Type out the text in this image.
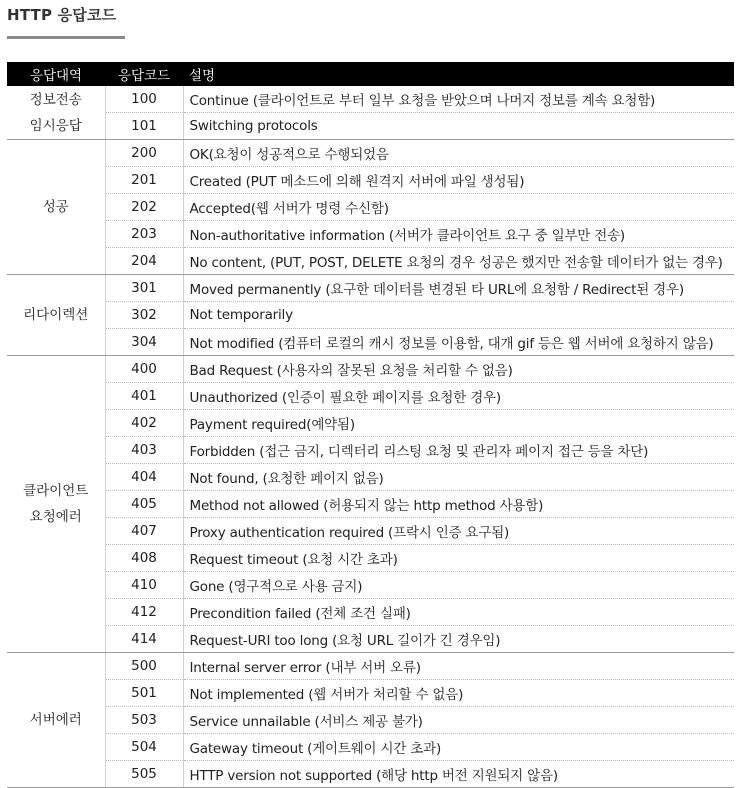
HTTP 응답코드
응답대역	응답코드	설명

정보전송
임시응답	100	Continue (클라이언트로 부터 일부 요청을 받았으며 나머지 정보를 계속 요청함)
	101	Switching protocols

성공	200	OK(요청이 성공적으로 수행되었음
	201	Created (PUT 메소드에 의해 원격지 서버에 파일 생성됨)
	202	Accepted(웹 서버가 명령 수신함)
	203	Non-authoritative information (서버가 클라이언트 요구 중 일부만 전송)
	204	No content, (PUT, POST, DELETE 요청의 경우 성공은 했지만 전송할 데이터가 없는 경우)

리다이렉션	301	Moved permanently (요구한 데이터를 변경된 타 URL에 요청함 / Redirect된 경우)
	302	Not temporarily
	304	Not modified (컴퓨터 로컬의 캐시 정보를 이용함, 대개 gif 등은 웹 서버에 요청하지 않음)

클라이언트
요청에러	400	Bad Request (사용자의 잘못된 요청을 처리할 수 없음)
	401	Unauthorized (인증이 필요한 페이지를 요청한 경우)
	402	Payment required(예약됨)
	403	Forbidden (접근 금지, 디렉터리 리스팅 요청 및 관리자 페이지 접근 등을 차단)
	404	Not found, (요청한 페이지 없음)
	405	Method not allowed (허용되지 않는 http method 사용함)
	407	Proxy authentication required (프락시 인증 요구됨)
	408	Request timeout (요청 시간 초과)
	410	Gone (영구적으로 사용 금지)
	412	Precondition failed (전체 조건 실패)
	414	Request-URI too long (요청 URL 길이가 긴 경우임)

서버에러	500	Internal server error (내부 서버 오류)
	501	Not implemented (웹 서버가 처리할 수 없음)
	503	Service unnailable (서비스 제공 불가)
	504	Gateway timeout (게이트웨이 시간 초과)
	505	HTTP version not supported (해당 http 버전 지원되지 않음)
